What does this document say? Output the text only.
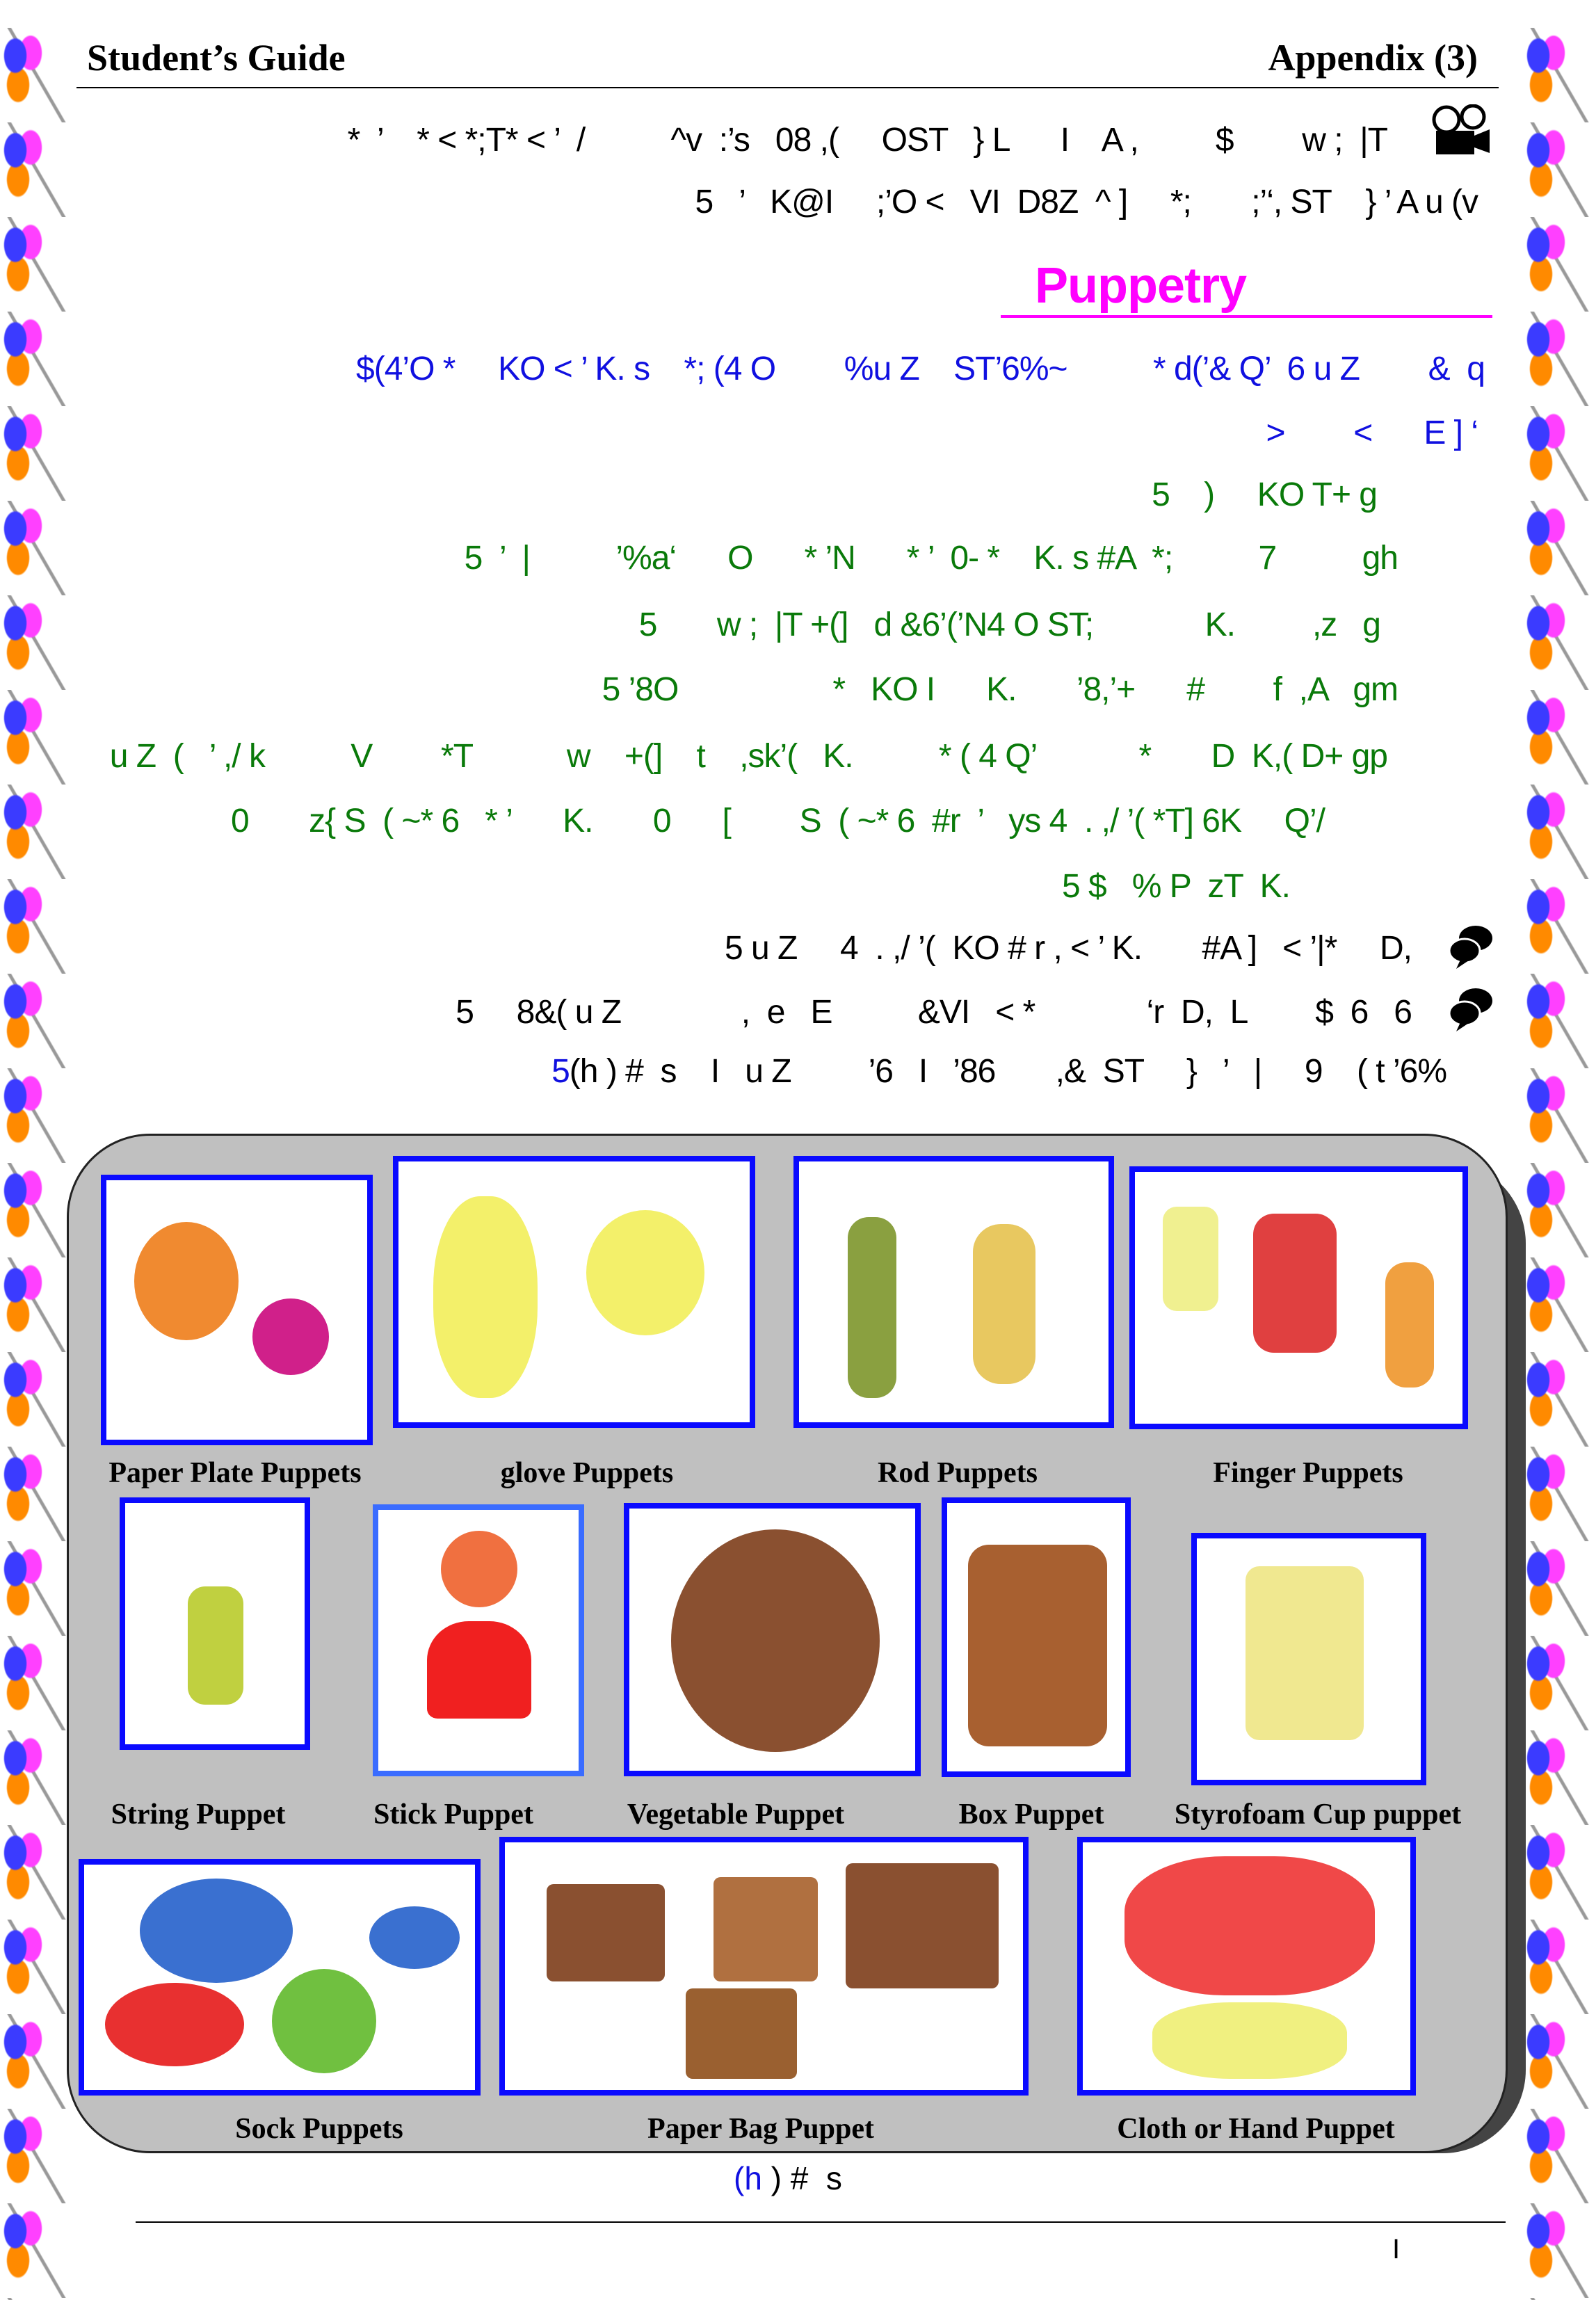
Student’s Guide	Appendix (3)
*  ’    * < *;T* < ’  /          ^v  :’s   08 ,(     OST   } L      I    A ,         $        w ;  |T
5   ’   K@I     ;’O <   VI  D8Z  ^ ]     *;       ;’‘, ST    } ’ A u (v
Puppetry
$(4’O *     KO < ’ K. s    *; (4 O        %u Z    ST’6%~          * d(’& Q’  6 u Z        &  q
>        <      E ] ‘
5    )     KO T+ g
5  ’  |          ’%a‘      O      * ’N      * ’  0- *    K. s #A  *;          7          gh
5       w ;  |T +(]   d &6’(’N4 O ST;             K.         ,z   g
5 ’8O                  *   KO I      K.       ’8,’+      #        f  ,A   gm
u Z  (   ’ ,/ k          V        *T           w    +(]    t    ,sk’(   K.          * ( 4 Q’            *       D  K,( D+ gp
0       z{ S  ( ~* 6   * ’      K.       0      [        S  ( ~* 6  #r  ’   ys 4  . ,/ ’( *T] 6K     Q’/
5 $   % P  zT  K.
5 u Z     4  . ,/ ’(  KO # r , < ’ K.       #A ]   < ’|*     D,
5     8&( u Z              ,  e   E          &VI   < *             ‘r  D,  L        $  6   6
5(h ) #  s    I   u Z         ’6   I   ’86       ,&  ST     }   ’   |     9    ( t ’6%
Paper Plate Puppets	glove Puppets	Rod Puppets	Finger Puppets
String Puppet	Stick Puppet	Vegetable Puppet	Box Puppet Styrofoam Cup puppet
Sock Puppets	Paper Bag Puppet	Cloth or Hand Puppet
(h ) #  s
I
